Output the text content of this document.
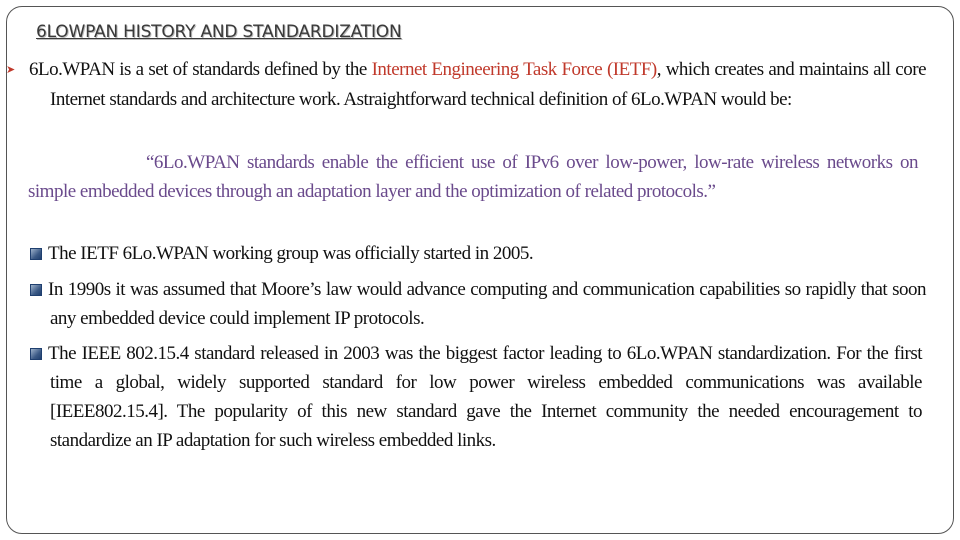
6LOWPAN HISTORY AND STANDARDIZATION

6Lo.WPAN is a set of standards defined by the Internet Engineering Task Force (IETF), which creates and maintains all core Internet standards and architecture work. Astraightforward technical definition of 6Lo.WPAN would be:

“6Lo.WPAN standards enable the efficient use of IPv6 over low-power, low-rate wireless networks on simple embedded devices through an adaptation layer and the optimization of related protocols.”

The IETF 6Lo.WPAN working group was officially started in 2005.

In 1990s it was assumed that Moore’s law would advance computing and communication capabilities so rapidly that soon any embedded device could implement IP protocols.

The IEEE 802.15.4 standard released in 2003 was the biggest factor leading to 6Lo.WPAN standardization. For the first time a global, widely supported standard for low power wireless embedded communications was available [IEEE802.15.4]. The popularity of this new standard gave the Internet community the needed encouragement to standardize an IP adaptation for such wireless embedded links.
